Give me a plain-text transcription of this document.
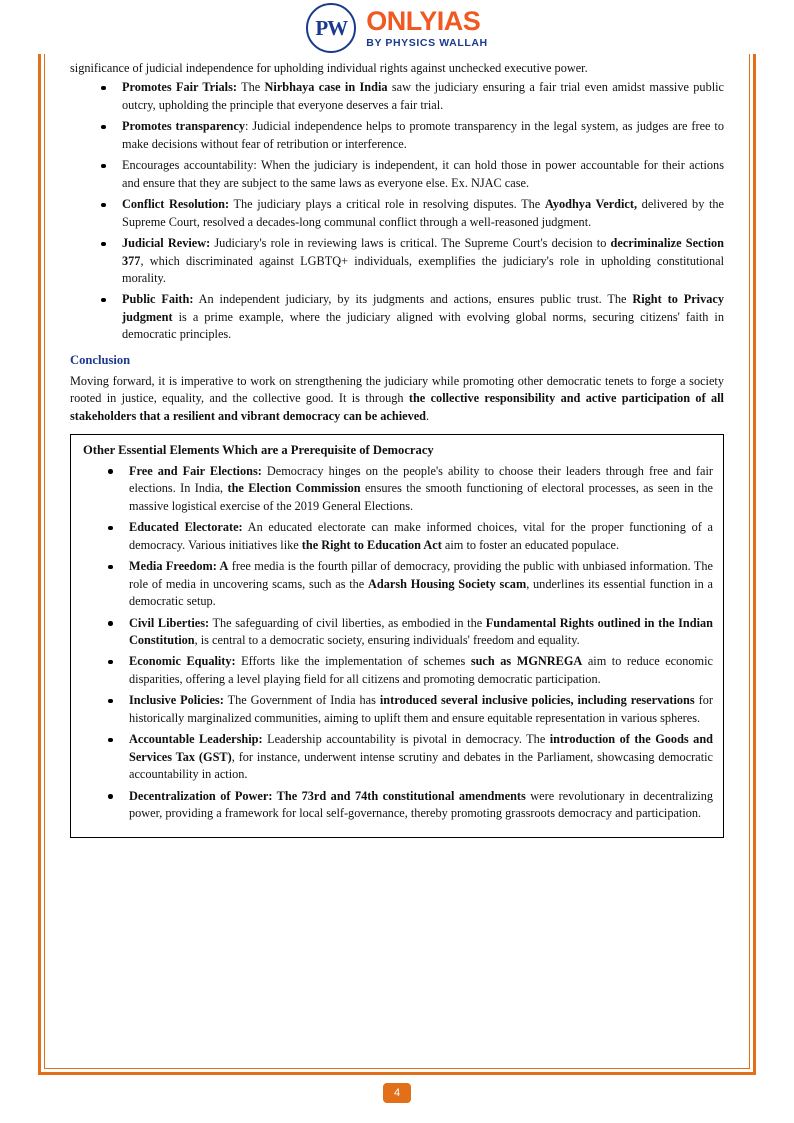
PW ONLYIAS
BY PHYSICS WALLAH

significance of judicial independence for upholding individual rights against unchecked executive power.

Promotes Fair Trials: The Nirbhaya case in India saw the judiciary ensuring a fair trial even amidst massive public outcry, upholding the principle that everyone deserves a fair trial.
Promotes transparency: Judicial independence helps to promote transparency in the legal system, as judges are free to make decisions without fear of retribution or interference.
Encourages accountability: When the judiciary is independent, it can hold those in power accountable for their actions and ensure that they are subject to the same laws as everyone else. Ex. NJAC case.
Conflict Resolution: The judiciary plays a critical role in resolving disputes. The Ayodhya Verdict, delivered by the Supreme Court, resolved a decades-long communal conflict through a well-reasoned judgment.
Judicial Review: Judiciary's role in reviewing laws is critical. The Supreme Court's decision to decriminalize Section 377, which discriminated against LGBTQ+ individuals, exemplifies the judiciary's role in upholding constitutional morality.
Public Faith: An independent judiciary, by its judgments and actions, ensures public trust. The Right to Privacy judgment is a prime example, where the judiciary aligned with evolving global norms, securing citizens' faith in democratic principles.
Conclusion

Moving forward, it is imperative to work on strengthening the judiciary while promoting other democratic tenets to forge a society rooted in justice, equality, and the collective good. It is through the collective responsibility and active participation of all stakeholders that a resilient and vibrant democracy can be achieved.

Other Essential Elements Which are a Prerequisite of Democracy
Free and Fair Elections: Democracy hinges on the people's ability to choose their leaders through free and fair elections. In India, the Election Commission ensures the smooth functioning of electoral processes, as seen in the massive logistical exercise of the 2019 General Elections.
Educated Electorate: An educated electorate can make informed choices, vital for the proper functioning of a democracy. Various initiatives like the Right to Education Act aim to foster an educated populace.
Media Freedom: A free media is the fourth pillar of democracy, providing the public with unbiased information. The role of media in uncovering scams, such as the Adarsh Housing Society scam, underlines its essential function in a democratic setup.
Civil Liberties: The safeguarding of civil liberties, as embodied in the Fundamental Rights outlined in the Indian Constitution, is central to a democratic society, ensuring individuals' freedom and equality.
Economic Equality: Efforts like the implementation of schemes such as MGNREGA aim to reduce economic disparities, offering a level playing field for all citizens and promoting democratic participation.
Inclusive Policies: The Government of India has introduced several inclusive policies, including reservations for historically marginalized communities, aiming to uplift them and ensure equitable representation in various spheres.
Accountable Leadership: Leadership accountability is pivotal in democracy. The introduction of the Goods and Services Tax (GST), for instance, underwent intense scrutiny and debates in the Parliament, showcasing democratic accountability in action.
Decentralization of Power: The 73rd and 74th constitutional amendments were revolutionary in decentralizing power, providing a framework for local self-governance, thereby promoting grassroots democracy and participation.
4
